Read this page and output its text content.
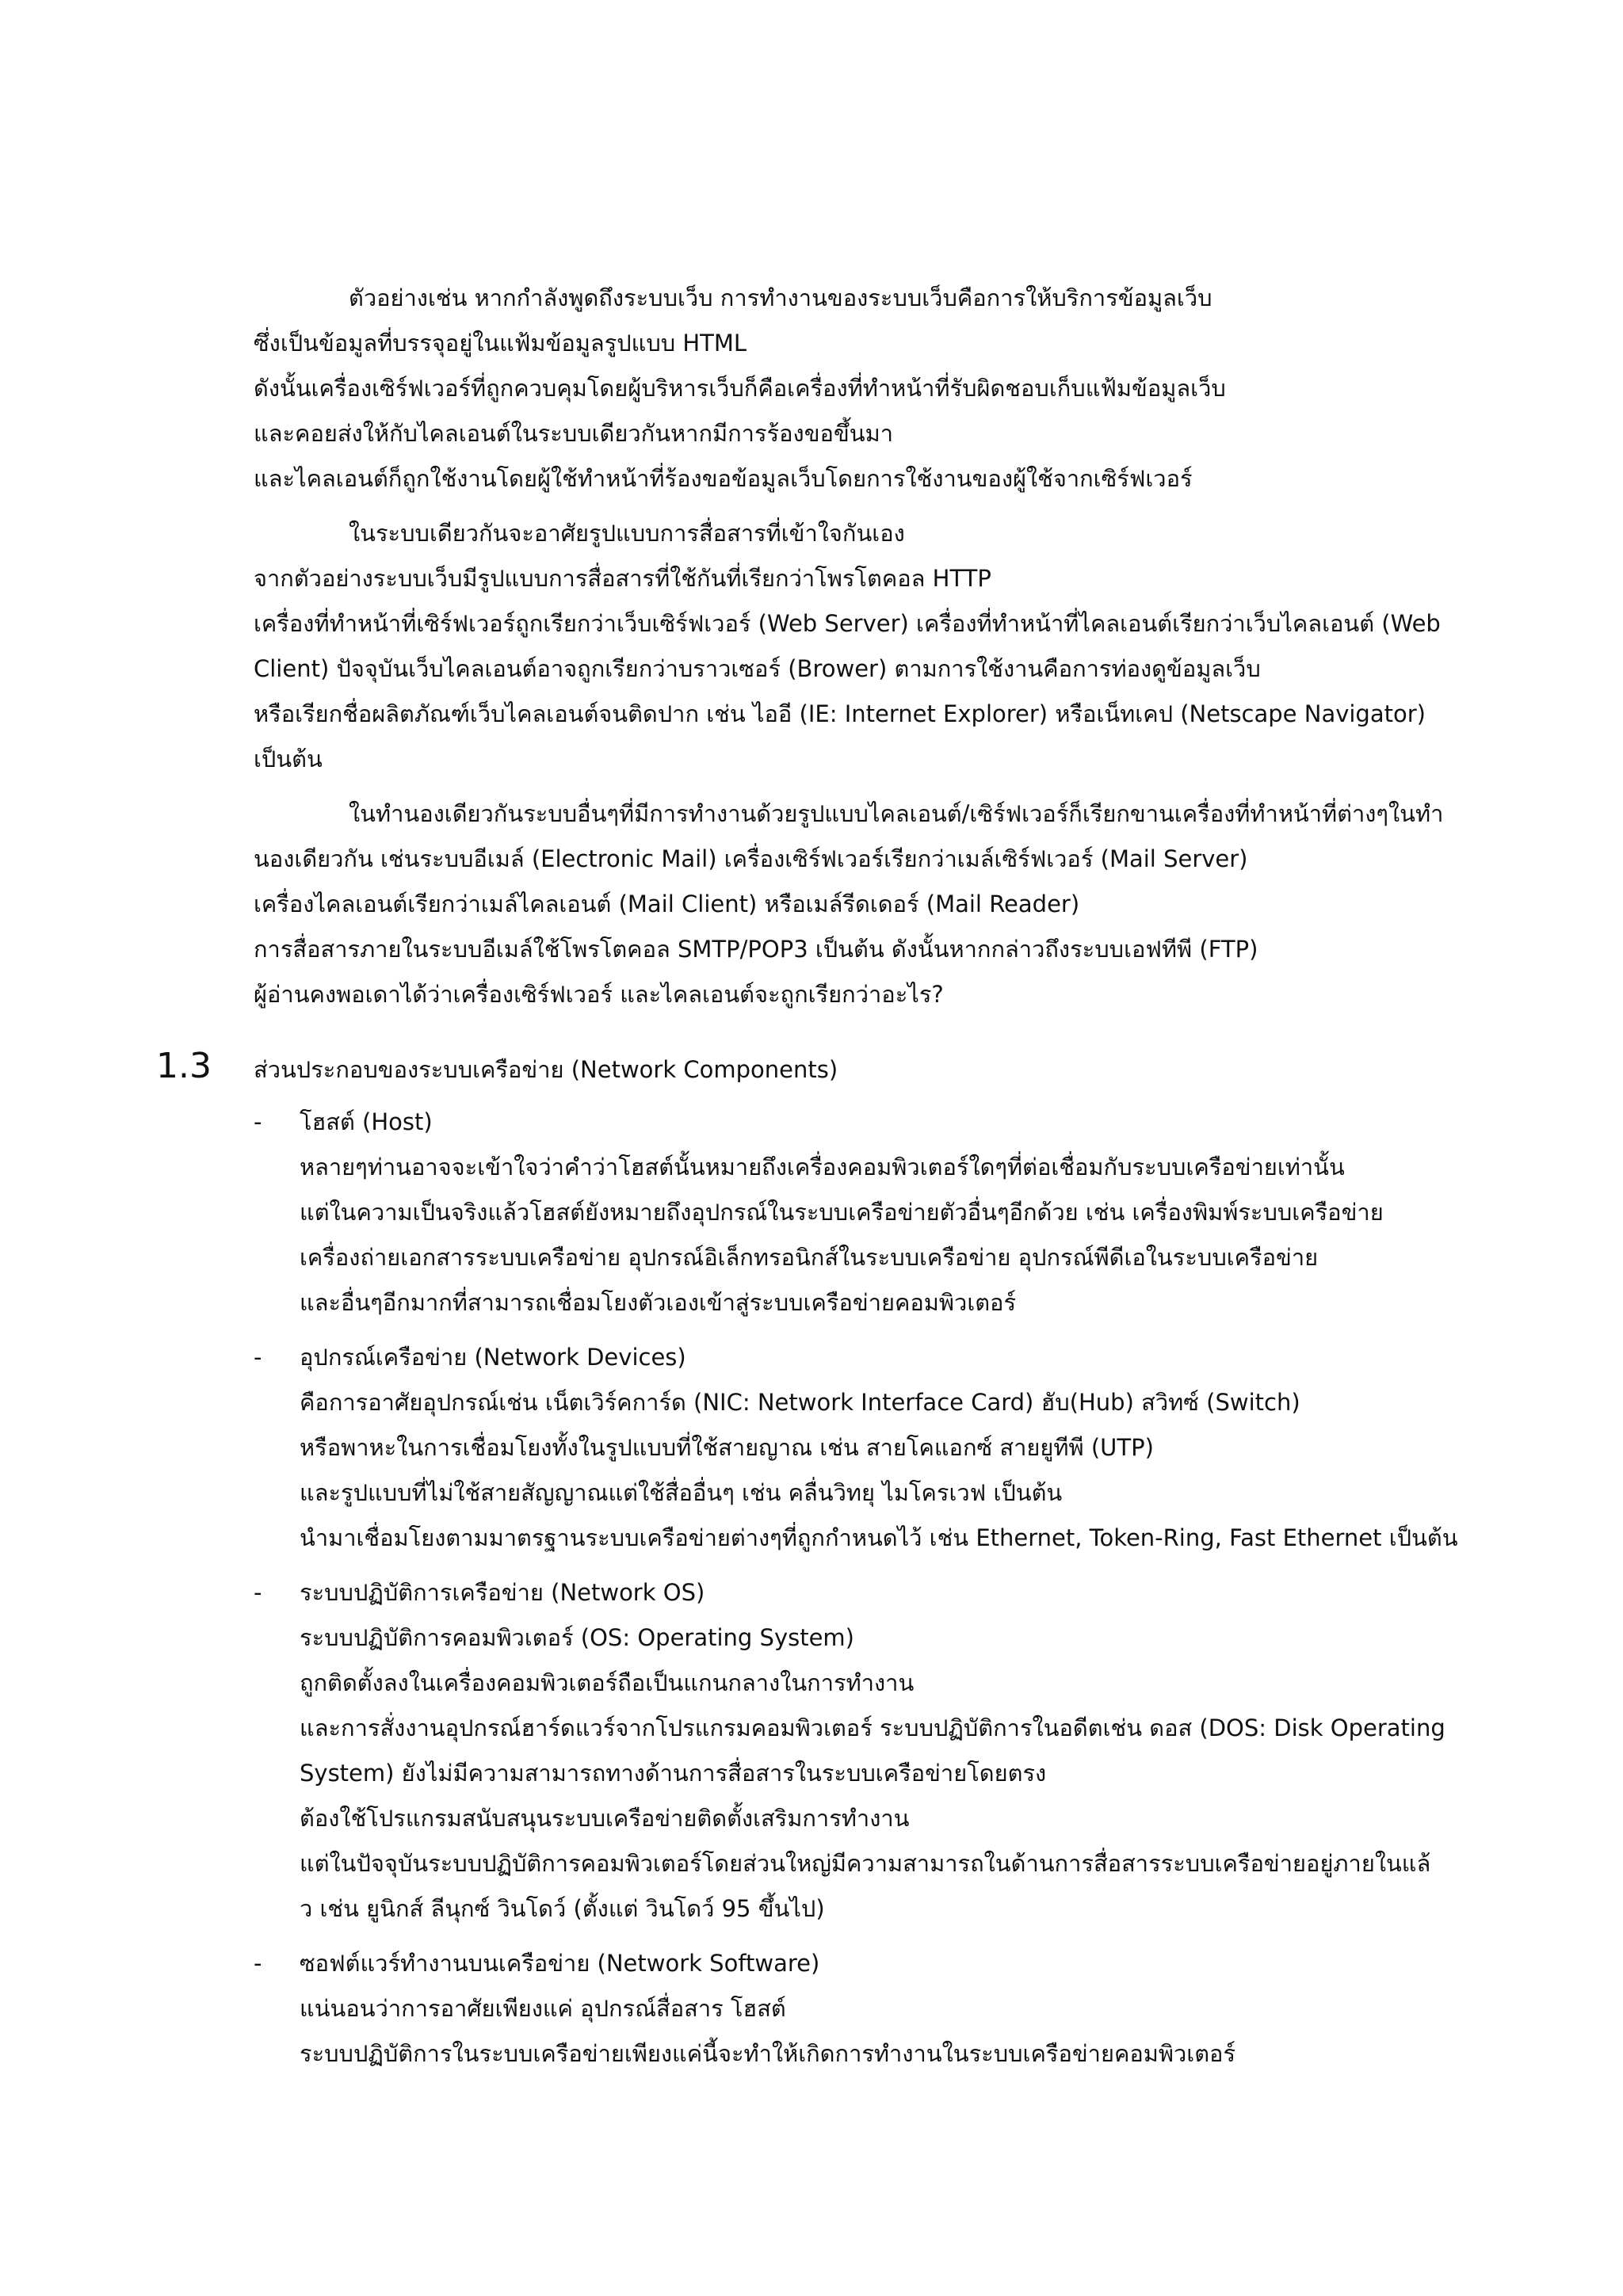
ตัวอย่างเช่น หากกำลังพูดถึงระบบเว็บ การทำงานของระบบเว็บคือการให้บริการข้อมูลเว็บ
ซึ่งเป็นข้อมูลที่บรรจุอยู่ในแฟ้มข้อมูลรูปแบบ HTML
ดังนั้นเครื่องเซิร์ฟเวอร์ที่ถูกควบคุมโดยผู้บริหารเว็บก็คือเครื่องที่ทำหน้าที่รับผิดชอบเก็บแฟ้มข้อมูลเว็บ
และคอยส่งให้กับไคลเอนต์ในระบบเดียวกันหากมีการร้องขอขึ้นมา
และไคลเอนต์ก็ถูกใช้งานโดยผู้ใช้ทำหน้าที่ร้องขอข้อมูลเว็บโดยการใช้งานของผู้ใช้จากเซิร์ฟเวอร์
ในระบบเดียวกันจะอาศัยรูปแบบการสื่อสารที่เข้าใจกันเอง
จากตัวอย่างระบบเว็บมีรูปแบบการสื่อสารที่ใช้กันที่เรียกว่าโพรโตคอล HTTP
เครื่องที่ทำหน้าที่เซิร์ฟเวอร์ถูกเรียกว่าเว็บเซิร์ฟเวอร์ (Web Server) เครื่องที่ทำหน้าที่ไคลเอนต์เรียกว่าเว็บไคลเอนต์ (Web
Client) ปัจจุบันเว็บไคลเอนต์อาจถูกเรียกว่าบราวเซอร์ (Brower) ตามการใช้งานคือการท่องดูข้อมูลเว็บ
หรือเรียกชื่อผลิตภัณฑ์เว็บไคลเอนต์จนติดปาก เช่น ไออี (IE: Internet Explorer) หรือเน็ทเคป (Netscape Navigator)
เป็นต้น
ในทำนองเดียวกันระบบอื่นๆที่มีการทำงานด้วยรูปแบบไคลเอนต์/เซิร์ฟเวอร์ก็เรียกขานเครื่องที่ทำหน้าที่ต่างๆในทำ
นองเดียวกัน เช่นระบบอีเมล์ (Electronic Mail) เครื่องเซิร์ฟเวอร์เรียกว่าเมล์เซิร์ฟเวอร์ (Mail Server)
เครื่องไคลเอนต์เรียกว่าเมล์ไคลเอนต์ (Mail Client) หรือเมล์รีดเดอร์ (Mail Reader)
การสื่อสารภายในระบบอีเมล์ใช้โพรโตคอล SMTP/POP3 เป็นต้น ดังนั้นหากกล่าวถึงระบบเอฟทีพี (FTP)
ผู้อ่านคงพอเดาได้ว่าเครื่องเซิร์ฟเวอร์ และไคลเอนต์จะถูกเรียกว่าอะไร?
1.3 ส่วนประกอบของระบบเครือข่าย (Network Components)
- โฮสต์ (Host)
หลายๆท่านอาจจะเข้าใจว่าคำว่าโฮสต์นั้นหมายถึงเครื่องคอมพิวเตอร์ใดๆที่ต่อเชื่อมกับระบบเครือข่ายเท่านั้น
แต่ในความเป็นจริงแล้วโฮสต์ยังหมายถึงอุปกรณ์ในระบบเครือข่ายตัวอื่นๆอีกด้วย เช่น เครื่องพิมพ์ระบบเครือข่าย
เครื่องถ่ายเอกสารระบบเครือข่าย อุปกรณ์อิเล็กทรอนิกส์ในระบบเครือข่าย อุปกรณ์พีดีเอในระบบเครือข่าย
และอื่นๆอีกมากที่สามารถเชื่อมโยงตัวเองเข้าสู่ระบบเครือข่ายคอมพิวเตอร์
- อุปกรณ์เครือข่าย (Network Devices)
คือการอาศัยอุปกรณ์เช่น เน็ตเวิร์คการ์ด (NIC: Network Interface Card) ฮับ(Hub) สวิทซ์ (Switch)
หรือพาหะในการเชื่อมโยงทั้งในรูปแบบที่ใช้สายญาณ เช่น สายโคแอกซ์ สายยูทีพี (UTP)
และรูปแบบที่ไม่ใช้สายสัญญาณแต่ใช้สื่ออื่นๆ เช่น คลื่นวิทยุ ไมโครเวฟ เป็นต้น
นำมาเชื่อมโยงตามมาตรฐานระบบเครือข่ายต่างๆที่ถูกกำหนดไว้ เช่น Ethernet, Token-Ring, Fast Ethernet เป็นต้น
- ระบบปฏิบัติการเครือข่าย (Network OS)
ระบบปฏิบัติการคอมพิวเตอร์ (OS: Operating System)
ถูกติดตั้งลงในเครื่องคอมพิวเตอร์ถือเป็นแกนกลางในการทำงาน
และการสั่งงานอุปกรณ์ฮาร์ดแวร์จากโปรแกรมคอมพิวเตอร์ ระบบปฏิบัติการในอดีตเช่น ดอส (DOS: Disk Operating
System) ยังไม่มีความสามารถทางด้านการสื่อสารในระบบเครือข่ายโดยตรง
ต้องใช้โปรแกรมสนับสนุนระบบเครือข่ายติดตั้งเสริมการทำงาน
แต่ในปัจจุบันระบบปฏิบัติการคอมพิวเตอร์โดยส่วนใหญ่มีความสามารถในด้านการสื่อสารระบบเครือข่ายอยู่ภายในแล้
ว เช่น ยูนิกส์ ลีนุกซ์ วินโดว์ (ตั้งแต่ วินโดว์ 95 ขึ้นไป)
- ซอฟต์แวร์ทำงานบนเครือข่าย (Network Software)
แน่นอนว่าการอาศัยเพียงแค่ อุปกรณ์สื่อสาร โฮสต์
ระบบปฏิบัติการในระบบเครือข่ายเพียงแค่นี้จะทำให้เกิดการทำงานในระบบเครือข่ายคอมพิวเตอร์
